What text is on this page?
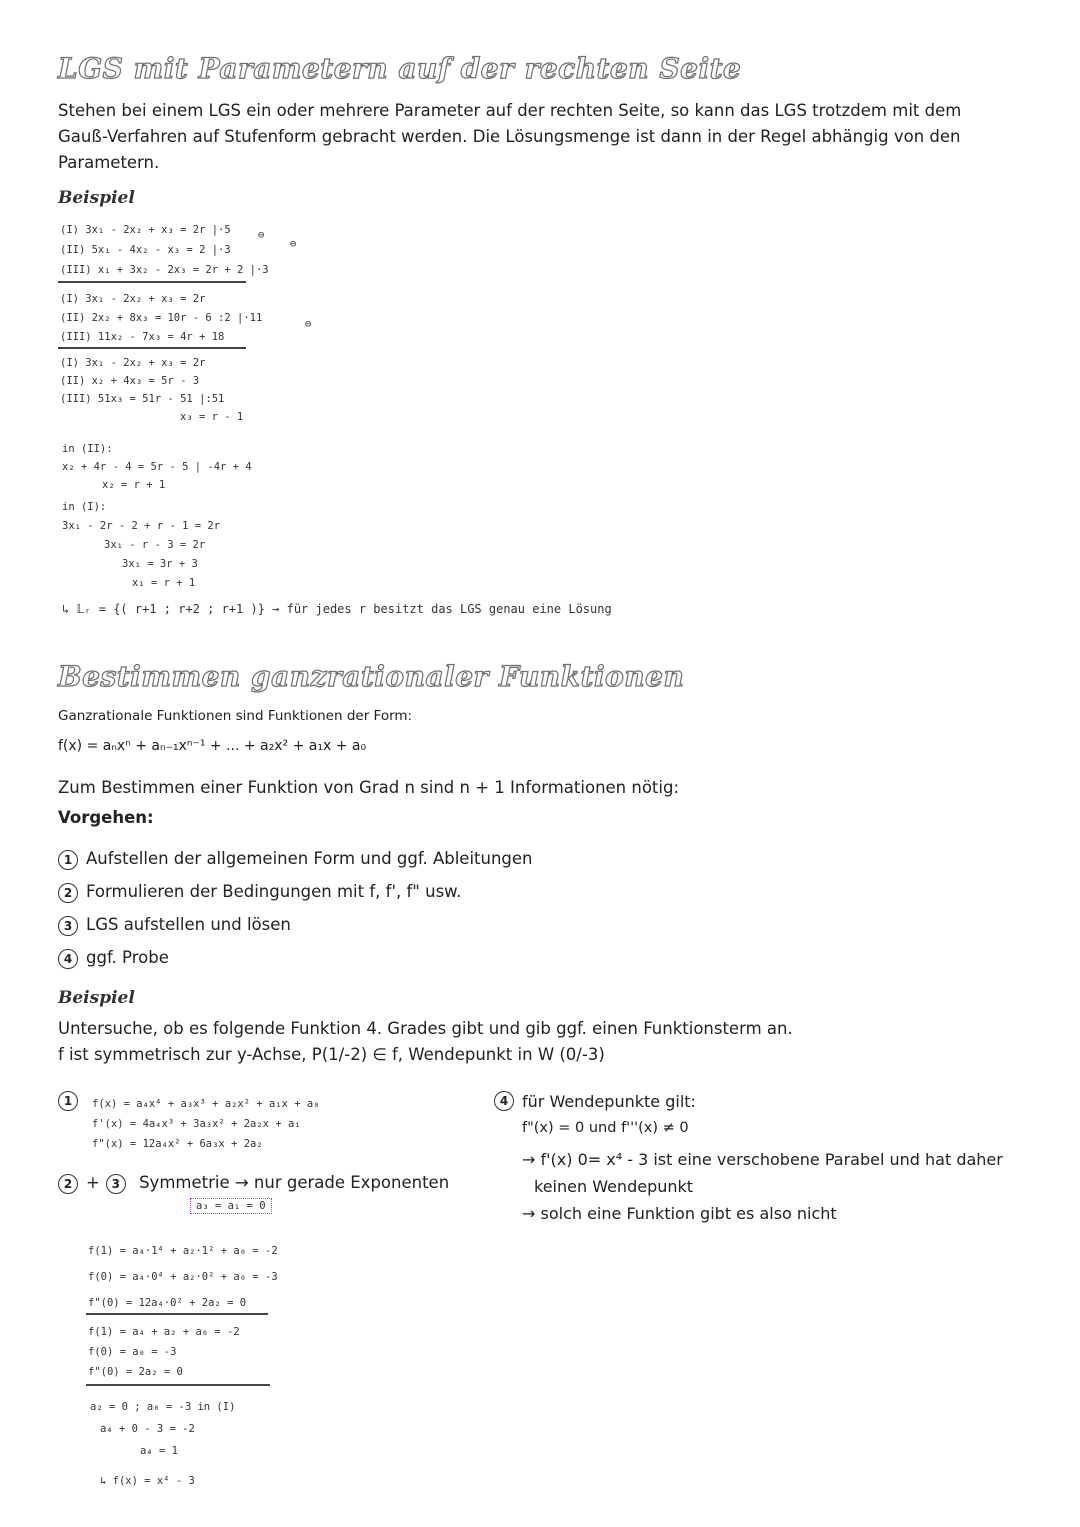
LGS mit Parametern auf der rechten Seite
Stehen bei einem LGS ein oder mehrere Parameter auf der rechten Seite, so kann das LGS trotzdem mit dem
Gauß-Verfahren auf Stufenform gebracht werden. Die Lösungsmenge ist dann in der Regel abhängig von den
Parametern.
Beispiel
(I) 3x₁ - 2x₂ + x₃ = 2r |·5
(II) 5x₁ - 4x₂ - x₃ = 2 |·3
(III) x₁ + 3x₂ - 2x₃ = 2r + 2 |·3
⊖
⊖
(I) 3x₁ - 2x₂ + x₃ = 2r
(II) 2x₂ + 8x₃ = 10r - 6 :2 |·11
(III) 11x₂ - 7x₃ = 4r + 18
⊖
(I) 3x₁ - 2x₂ + x₃ = 2r
(II) x₂ + 4x₃ = 5r - 3
(III) 51x₃ = 51r - 51 |:51
x₃ = r - 1
in (II):
x₂ + 4r - 4 = 5r - 5 | -4r + 4
x₂ = r + 1
in (I):
3x₁ - 2r - 2 + r - 1 = 2r
3x₁ - r - 3 = 2r
3x₁ = 3r + 3
x₁ = r + 1
↳ 𝕃ᵣ = {( r+1 ; r+2 ; r+1 )} → für jedes r besitzt das LGS genau eine Lösung
Bestimmen ganzrationaler Funktionen
Ganzrationale Funktionen sind Funktionen der Form:
f(x) = aₙxⁿ + aₙ₋₁xⁿ⁻¹ + ... + a₂x² + a₁x + a₀
Zum Bestimmen einer Funktion von Grad n sind n + 1 Informationen nötig:
Vorgehen:
1 Aufstellen der allgemeinen Form und ggf. Ableitungen
2 Formulieren der Bedingungen mit f, f', f" usw.
3 LGS aufstellen und lösen
4 ggf. Probe
Beispiel
Untersuche, ob es folgende Funktion 4. Grades gibt und gib ggf. einen Funktionsterm an.
f ist symmetrisch zur y-Achse, P(1/-2) ∈ f, Wendepunkt in W (0/-3)
1	f(x) = a₄x⁴ + a₃x³ + a₂x² + a₁x + a₀
f'(x) = 4a₄x³ + 3a₃x² + 2a₂x + a₁
f"(x) = 12a₄x² + 6a₃x + 2a₂
2 + 3 Symmetrie → nur gerade Exponenten
a₃ = a₁ = 0
f(1) = a₄·1⁴ + a₂·1² + a₀ = -2
f(0) = a₄·0⁴ + a₂·0² + a₀ = -3
f"(0) = 12a₄·0² + 2a₂ = 0
f(1) = a₄ + a₂ + a₀ = -2
f(0) = a₀ = -3
f"(0) = 2a₂ = 0
a₂ = 0 ; a₀ = -3 in (I)
a₄ + 0 - 3 = -2
a₄ = 1
↳ f(x) = x⁴ - 3
4 für Wendepunkte gilt:
f"(x) = 0 und f'''(x) ≠ 0
→ f'(x) 0= x⁴ - 3 ist eine verschobene Parabel und hat daher
keinen Wendepunkt
→ solch eine Funktion gibt es also nicht
